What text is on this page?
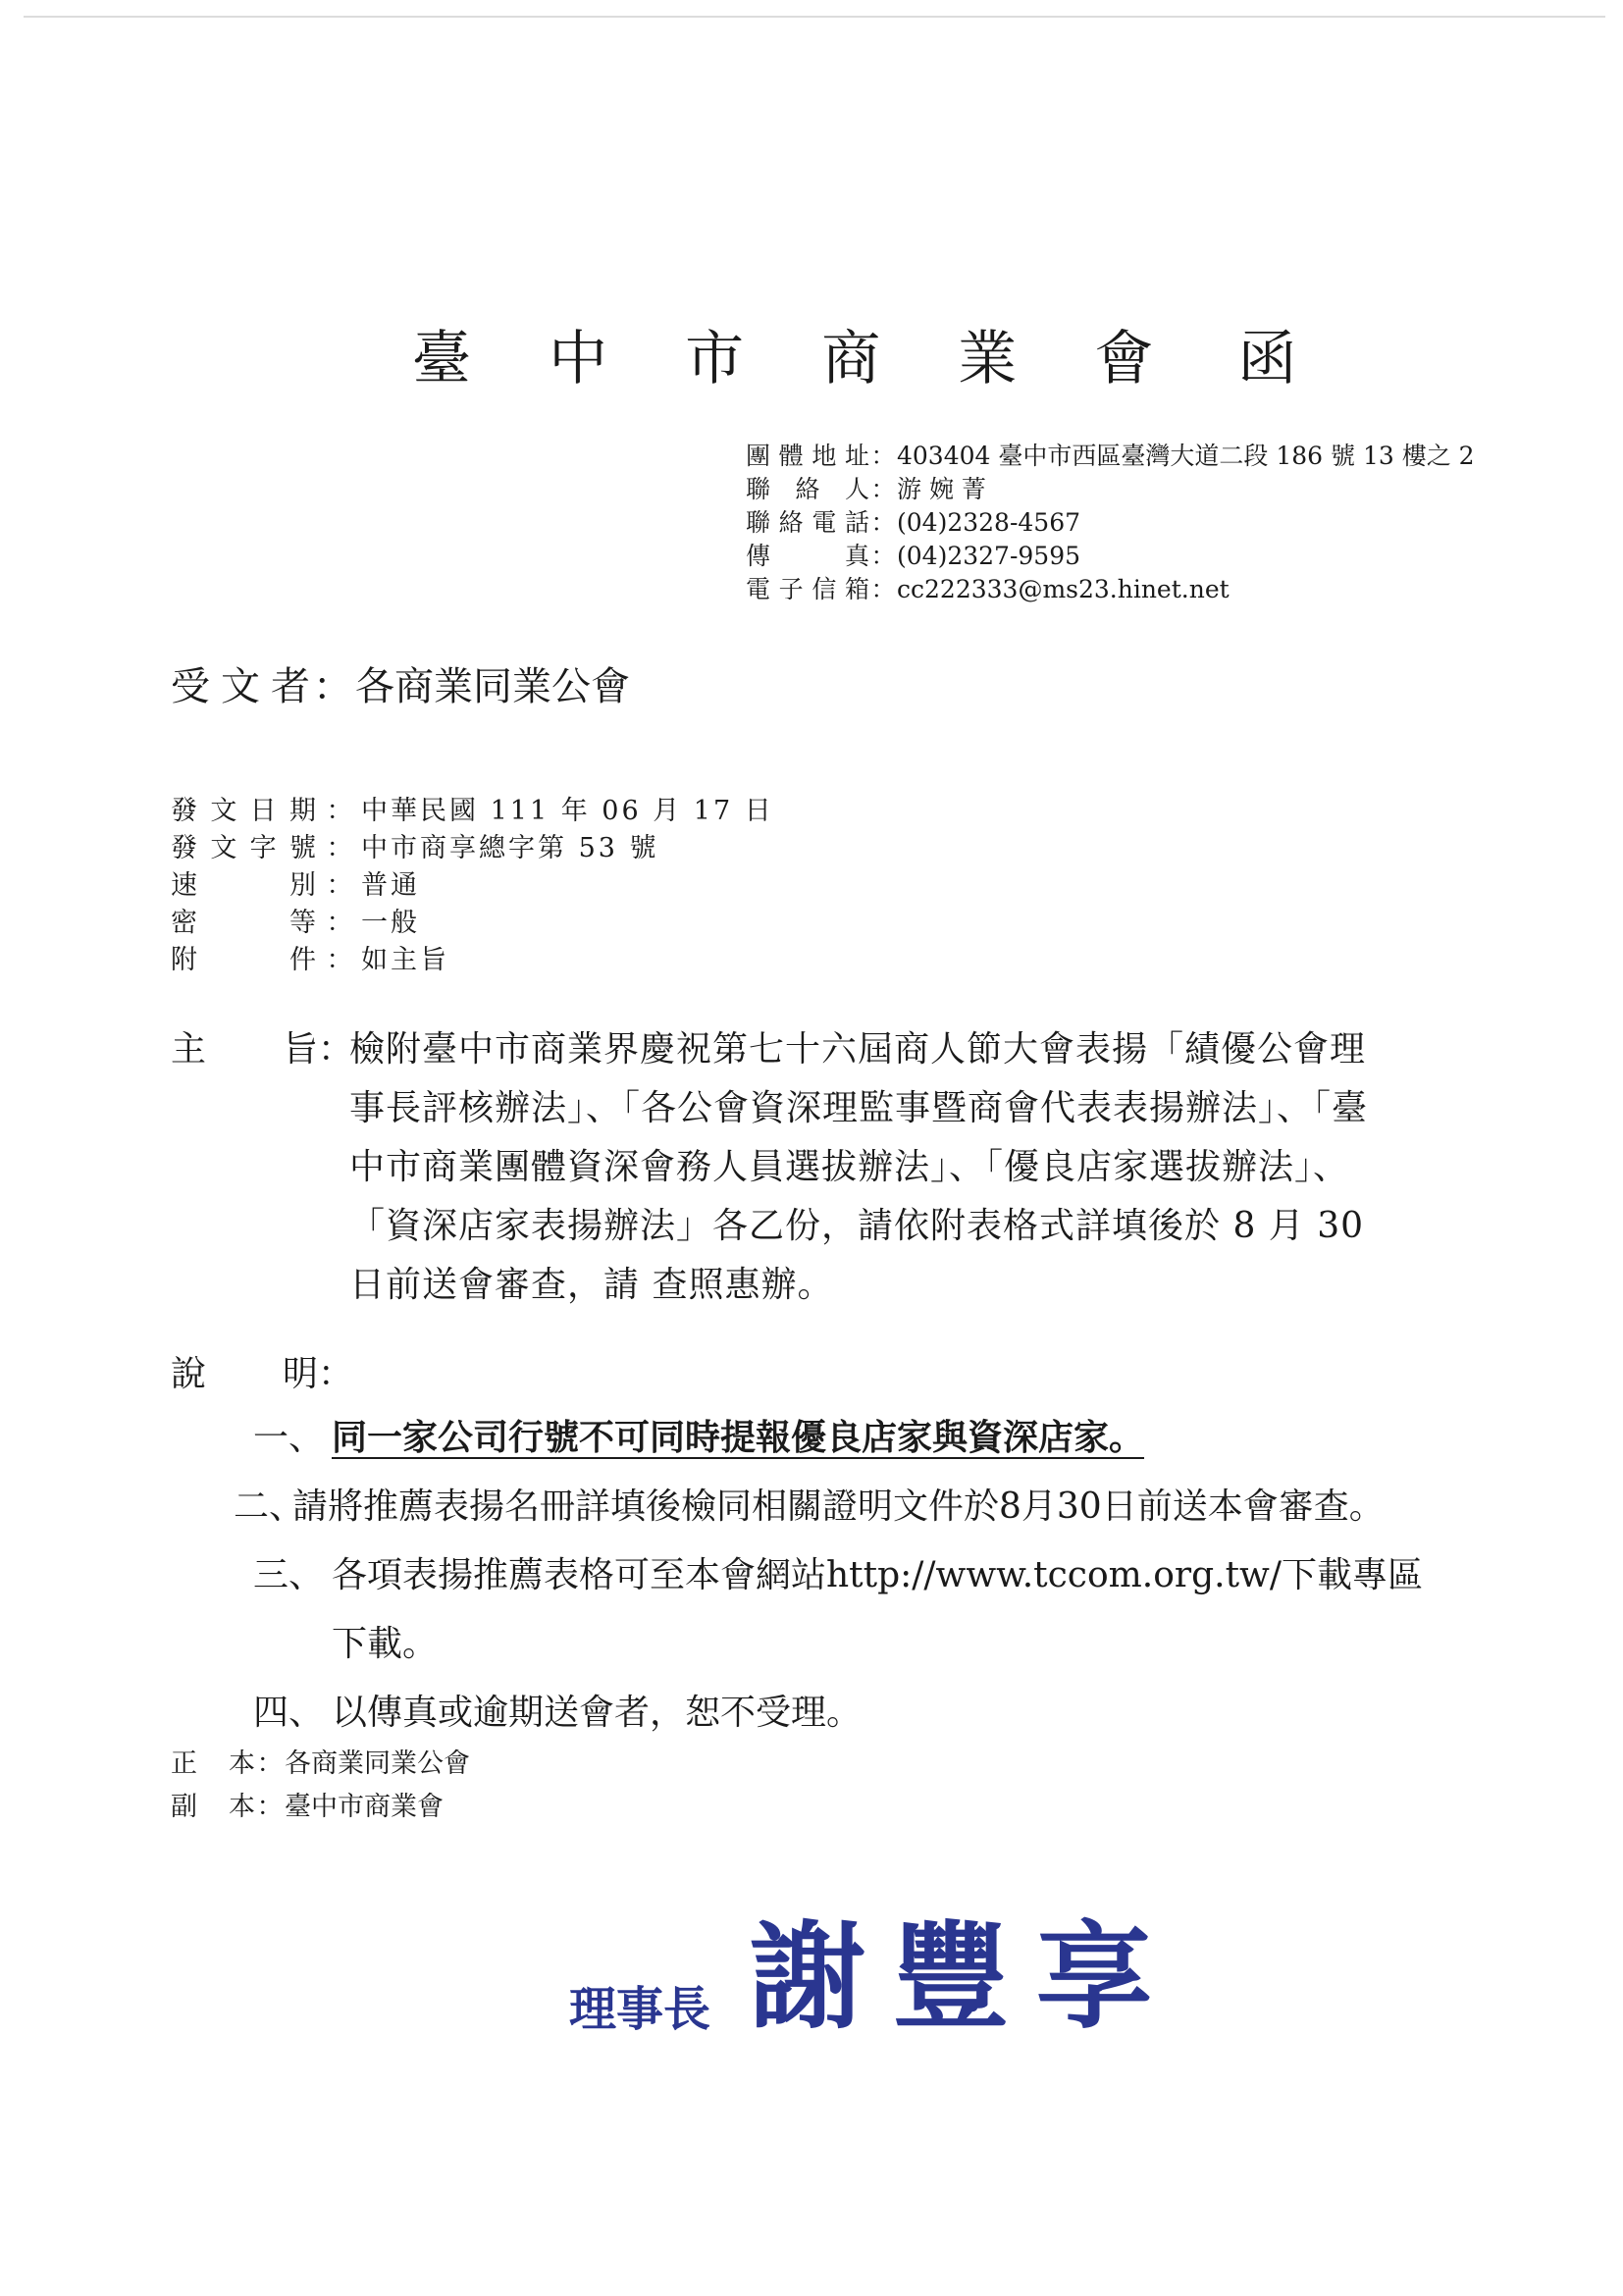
臺 中 市 商 業 會 函
團體地址 ： 403404 臺中市西區臺灣大道二段 186 號 13 樓之 2
聯絡人 ： 游 婉 菁
聯絡電話 ： (04)2328-4567
傳真 ： (04)2327-9595
電子信箱 ： cc222333@ms23.hinet.net
受文者 ： 各商業同業公會
發文日期 ： 中華民國 111 年 06 月 17 日
發文字號 ： 中市商享總字第 53 號
速別 ： 普通
密等 ： 一般
附件 ： 如主旨
主旨 ：
檢附臺中市商業界慶祝第七十六屆商人節大會表揚「績優公會理
事長評核辦法」、「各公會資深理監事暨商會代表表揚辦法」、「臺
中市商業團體資深會務人員選拔辦法」、「優良店家選拔辦法」、
「資深店家表揚辦法」各乙份，請依附表格式詳填後於 8 月 30
日前送會審查，請 查照惠辦。
說明 ：
一、 同一家公司行號不可同時提報優良店家與資深店家。
二、請將推薦表揚名冊詳填後檢同相關證明文件於8月30日前送本會審查。
三、 各項表揚推薦表格可至本會網站http://www.tccom.org.tw/下載專區
下載。
四、 以傳真或逾期送會者，恕不受理。
正本 ： 各商業同業公會
副本 ： 臺中市商業會
理事長 謝豐享
